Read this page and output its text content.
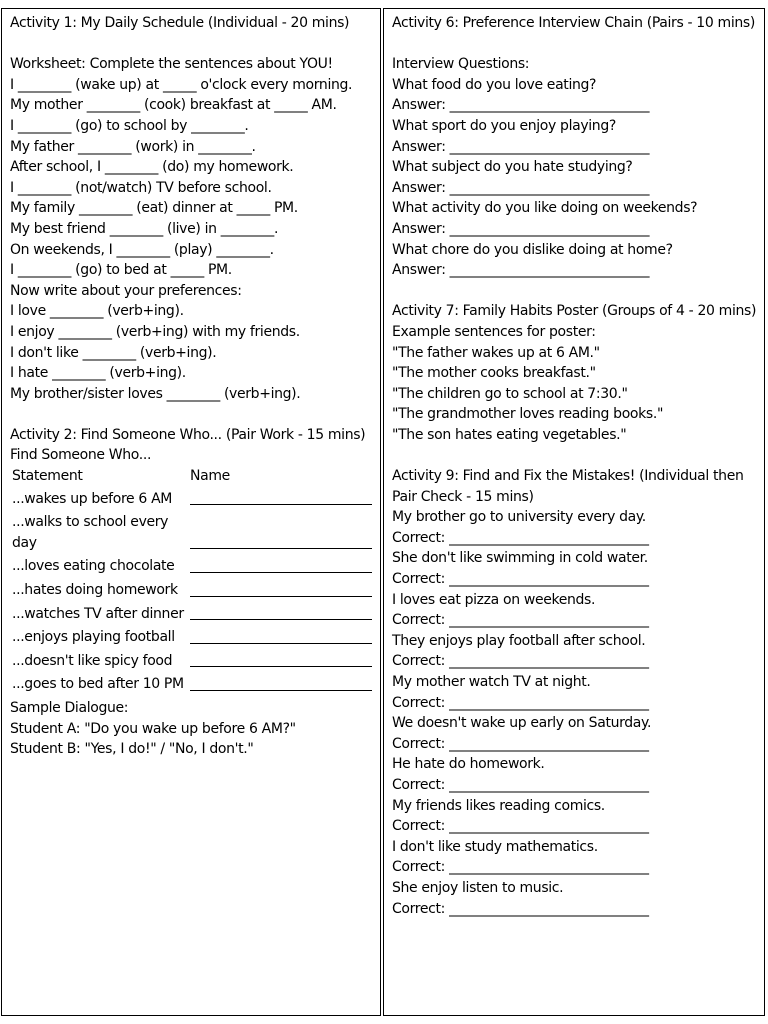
Activity 1: My Daily Schedule (Individual - 20 mins)
Worksheet: Complete the sentences about YOU!
I ________ (wake up) at _____ o'clock every morning.
My mother ________ (cook) breakfast at _____ AM.
I ________ (go) to school by ________.
My father ________ (work) in ________.
After school, I ________ (do) my homework.
I ________ (not/watch) TV before school.
My family ________ (eat) dinner at _____ PM.
My best friend ________ (live) in ________.
On weekends, I ________ (play) ________.
I ________ (go) to bed at _____ PM.
Now write about your preferences:
I love ________ (verb+ing).
I enjoy ________ (verb+ing) with my friends.
I don't like ________ (verb+ing).
I hate ________ (verb+ing).
My brother/sister loves ________ (verb+ing).
Activity 2: Find Someone Who... (Pair Work - 15 mins)
Find Someone Who...
Statement	Name
...wakes up before 6 AM	

...walks to school every day	

...loves eating chocolate	

...hates doing homework	

...watches TV after dinner	

...enjoys playing football	

...doesn't like spicy food	

...goes to bed after 10 PM	
Sample Dialogue:
Student A: "Do you wake up before 6 AM?"
Student B: "Yes, I do!" / "No, I don't."
Activity 6: Preference Interview Chain (Pairs - 10 mins)
Interview Questions:
What food do you love eating?
Answer: ______________________________
What sport do you enjoy playing?
Answer: ______________________________
What subject do you hate studying?
Answer: ______________________________
What activity do you like doing on weekends?
Answer: ______________________________
What chore do you dislike doing at home?
Answer: ______________________________
Activity 7: Family Habits Poster (Groups of 4 - 20 mins)
Example sentences for poster:
"The father wakes up at 6 AM."
"The mother cooks breakfast."
"The children go to school at 7:30."
"The grandmother loves reading books."
"The son hates eating vegetables."
Activity 9: Find and Fix the Mistakes! (Individual then Pair Check - 15 mins)
My brother go to university every day.
Correct: ______________________________
She don't like swimming in cold water.
Correct: ______________________________
I loves eat pizza on weekends.
Correct: ______________________________
They enjoys play football after school.
Correct: ______________________________
My mother watch TV at night.
Correct: ______________________________
We doesn't wake up early on Saturday.
Correct: ______________________________
He hate do homework.
Correct: ______________________________
My friends likes reading comics.
Correct: ______________________________
I don't like study mathematics.
Correct: ______________________________
She enjoy listen to music.
Correct: ______________________________
